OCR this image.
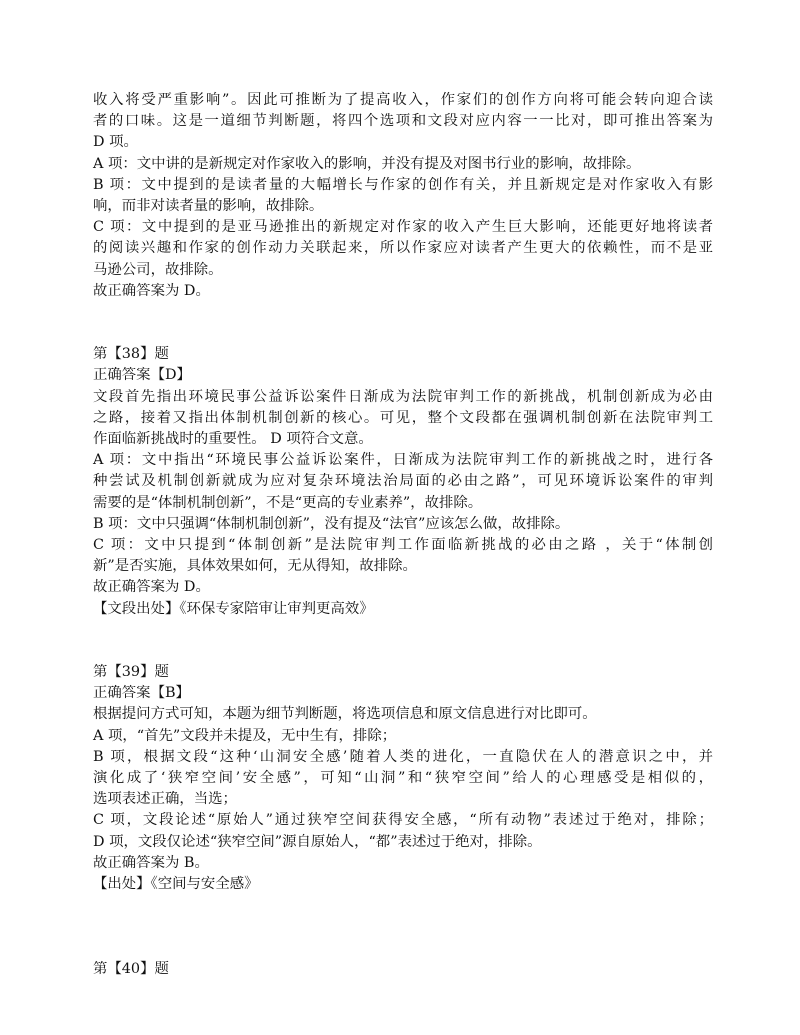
收入将受严重影响”。因此可推断为了提高收入，作家们的创作方向将可能会转向迎合读
者的口味。这是一道细节判断题，将四个选项和文段对应内容一一比对，即可推出答案为
D 项。
A 项：文中讲的是新规定对作家收入的影响，并没有提及对图书行业的影响，故排除。
B 项：文中提到的是读者量的大幅增长与作家的创作有关，并且新规定是对作家收入有影
响，而非对读者量的影响，故排除。
C 项：文中提到的是亚马逊推出的新规定对作家的收入产生巨大影响，还能更好地将读者
的阅读兴趣和作家的创作动力关联起来，所以作家应对读者产生更大的依赖性，而不是亚
马逊公司，故排除。
故正确答案为 D。
第【38】题
正确答案【D】
文段首先指出环境民事公益诉讼案件日渐成为法院审判工作的新挑战，机制创新成为必由
之路，接着又指出体制机制创新的核心。可见，整个文段都在强调机制创新在法院审判工
作面临新挑战时的重要性。 D 项符合文意。
A 项：文中指出“环境民事公益诉讼案件，日渐成为法院审判工作的新挑战之时，进行各
种尝试及机制创新就成为应对复杂环境法治局面的必由之路”，可见环境诉讼案件的审判
需要的是“体制机制创新”，不是“更高的专业素养”，故排除。
B 项：文中只强调“体制机制创新”，没有提及“法官”应该怎么做，故排除。
C 项：文中只提到“体制创新”是法院审判工作面临新挑战的必由之路 ，关于“体制创
新”是否实施，具体效果如何，无从得知，故排除。
故正确答案为 D。
【文段出处】《环保专家陪审让审判更高效》
第【39】题
正确答案【B】
根据提问方式可知，本题为细节判断题，将选项信息和原文信息进行对比即可。
A 项，“首先”文段并未提及，无中生有，排除；
B 项，根据文段“这种‘山洞安全感’随着人类的进化，一直隐伏在人的潜意识之中，并
演化成了‘狭窄空间’安全感”，可知“山洞”和“狭窄空间”给人的心理感受是相似的，
选项表述正确，当选；
C 项，文段论述“原始人”通过狭窄空间获得安全感，“所有动物”表述过于绝对，排除；
D 项，文段仅论述“狭窄空间”源自原始人，“都”表述过于绝对，排除。
故正确答案为 B。
【出处】《空间与安全感》
第【40】题
